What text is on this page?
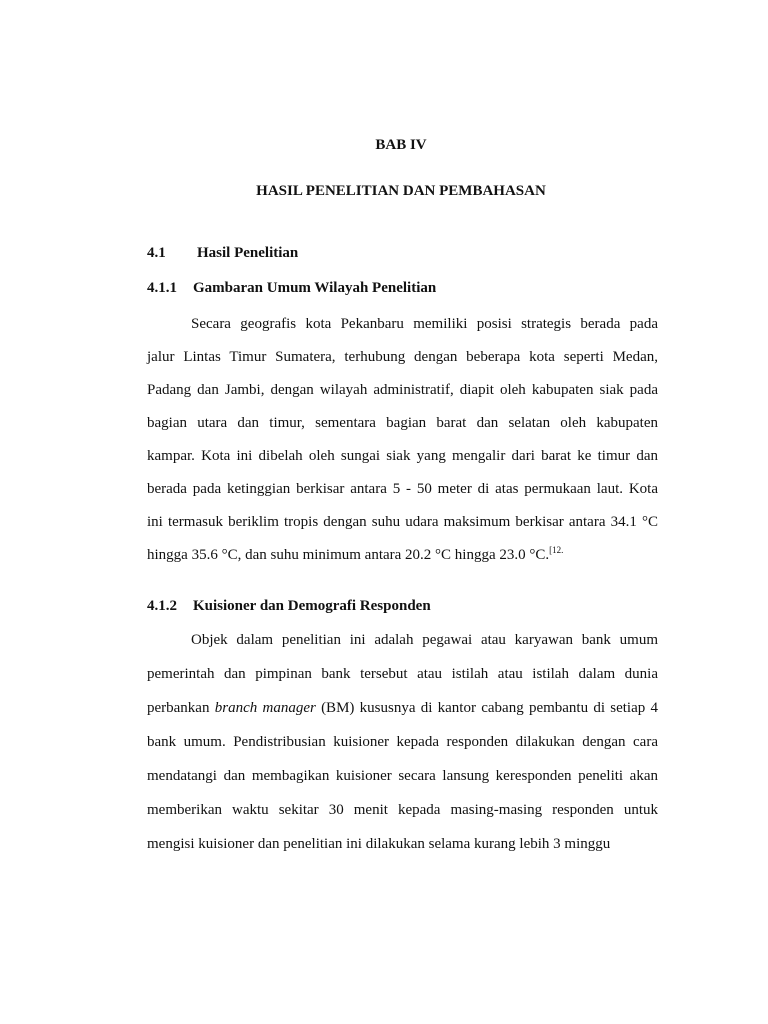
BAB IV
HASIL PENELITIAN DAN PEMBAHASAN
4.1 Hasil Penelitian
4.1.1 Gambaran Umum Wilayah Penelitian
Secara geografis kota Pekanbaru memiliki posisi strategis berada pada
jalur Lintas Timur Sumatera, terhubung dengan beberapa kota seperti Medan,
Padang dan Jambi, dengan wilayah administratif, diapit oleh kabupaten siak pada
bagian utara dan timur, sementara bagian barat dan selatan oleh kabupaten
kampar. Kota ini dibelah oleh sungai siak yang mengalir dari barat ke timur dan
berada pada ketinggian berkisar antara 5 - 50 meter di atas permukaan laut. Kota
ini termasuk beriklim tropis dengan suhu udara maksimum berkisar antara 34.1 °C
hingga 35.6 °C, dan suhu minimum antara 20.2 °C hingga 23.0 °C.$^{[12.}$
4.1.2 Kuisioner dan Demografi Responden
Objek dalam penelitian ini adalah pegawai atau karyawan bank umum
pemerintah dan pimpinan bank tersebut atau istilah atau istilah dalam dunia
perbankan branch manager (BM) kususnya di kantor cabang pembantu di setiap 4
bank umum. Pendistribusian kuisioner kepada responden dilakukan dengan cara
mendatangi dan membagikan kuisioner secara lansung keresponden peneliti akan
memberikan waktu sekitar 30 menit kepada masing-masing responden untuk
mengisi kuisioner dan penelitian ini dilakukan selama kurang lebih 3 minggu
